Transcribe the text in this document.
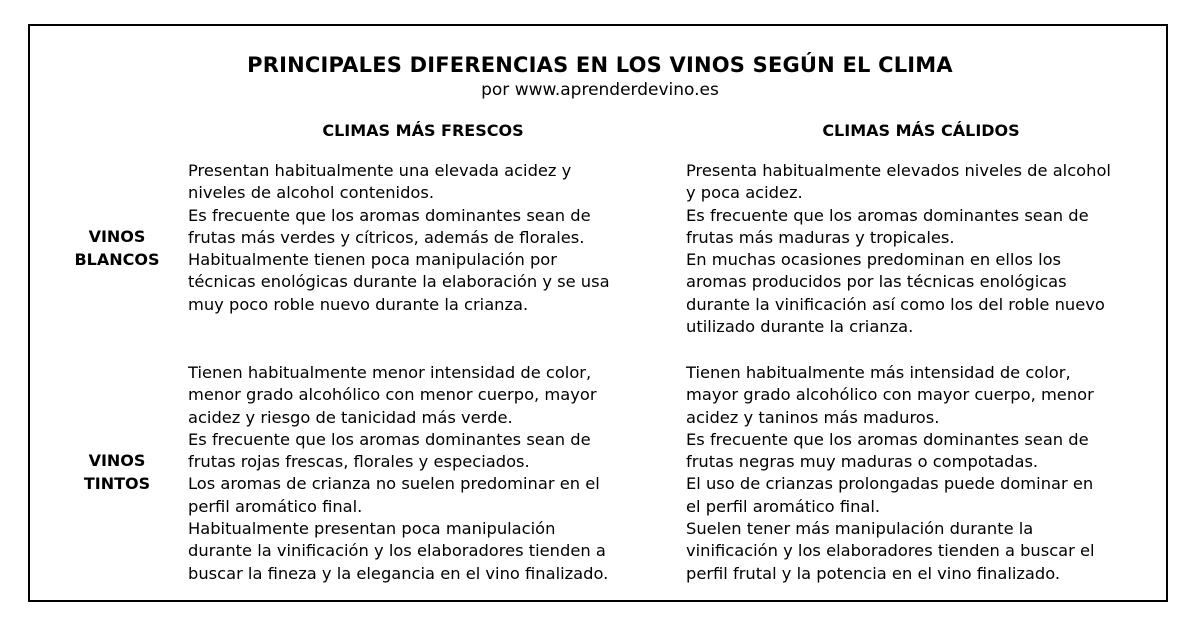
PRINCIPALES DIFERENCIAS EN LOS VINOS SEGÚN EL CLIMA
por www.aprenderdevino.es
CLIMAS MÁS FRESCOS	CLIMAS MÁS CÁLIDOS
VINOS
BLANCOS
Presentan habitualmente una elevada acidez y
niveles de alcohol contenidos.
Es frecuente que los aromas dominantes sean de
frutas más verdes y cítricos, además de florales.
Habitualmente tienen poca manipulación por
técnicas enológicas durante la elaboración y se usa
muy poco roble nuevo durante la crianza.
Presenta habitualmente elevados niveles de alcohol
y poca acidez.
Es frecuente que los aromas dominantes sean de
frutas más maduras y tropicales.
En muchas ocasiones predominan en ellos los
aromas producidos por las técnicas enológicas
durante la vinificación así como los del roble nuevo
utilizado durante la crianza.
VINOS
TINTOS
Tienen habitualmente menor intensidad de color,
menor grado alcohólico con menor cuerpo, mayor
acidez y riesgo de tanicidad más verde.
Es frecuente que los aromas dominantes sean de
frutas rojas frescas, florales y especiados.
Los aromas de crianza no suelen predominar en el
perfil aromático final.
Habitualmente presentan poca manipulación
durante la vinificación y los elaboradores tienden a
buscar la fineza y la elegancia en el vino finalizado.
Tienen habitualmente más intensidad de color,
mayor grado alcohólico con mayor cuerpo, menor
acidez y taninos más maduros.
Es frecuente que los aromas dominantes sean de
frutas negras muy maduras o compotadas.
El uso de crianzas prolongadas puede dominar en
el perfil aromático final.
Suelen tener más manipulación durante la
vinificación y los elaboradores tienden a buscar el
perfil frutal y la potencia en el vino finalizado.
